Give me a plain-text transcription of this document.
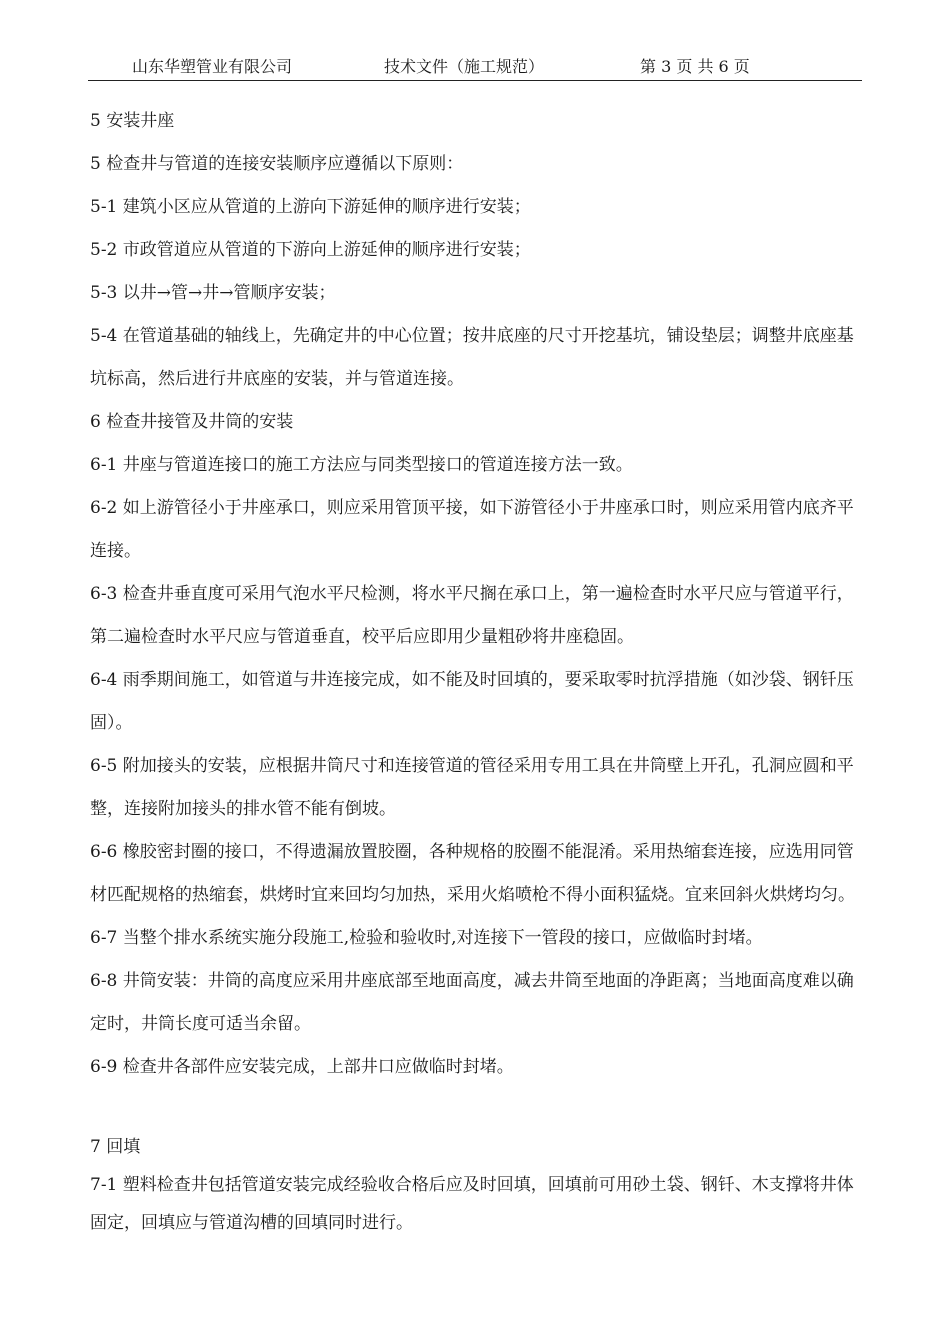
山东华塑管业有限公司	技术文件（施工规范）	第 3 页 共 6 页

5 安装井座

5 检查井与管道的连接安装顺序应遵循以下原则：

5-1 建筑小区应从管道的上游向下游延伸的顺序进行安装；

5-2 市政管道应从管道的下游向上游延伸的顺序进行安装；

5-3 以井→管→井→管顺序安装；

5-4 在管道基础的轴线上，先确定井的中心位置；按井底座的尺寸开挖基坑，铺设垫层；调整井底座基坑标高，然后进行井底座的安装，并与管道连接。

6 检查井接管及井筒的安装

6-1 井座与管道连接口的施工方法应与同类型接口的管道连接方法一致。

6-2 如上游管径小于井座承口，则应采用管顶平接，如下游管径小于井座承口时，则应采用管内底齐平连接。

6-3 检查井垂直度可采用气泡水平尺检测，将水平尺搁在承口上，第一遍检查时水平尺应与管道平行，第二遍检查时水平尺应与管道垂直，校平后应即用少量粗砂将井座稳固。

6-4 雨季期间施工，如管道与井连接完成，如不能及时回填的，要采取零时抗浮措施（如沙袋、钢钎压固）。

6-5 附加接头的安装，应根据井筒尺寸和连接管道的管径采用专用工具在井筒壁上开孔，孔洞应圆和平整，连接附加接头的排水管不能有倒坡。

6-6 橡胶密封圈的接口，不得遗漏放置胶圈，各种规格的胶圈不能混淆。采用热缩套连接，应选用同管材匹配规格的热缩套，烘烤时宜来回均匀加热，采用火焰喷枪不得小面积猛烧。宜来回斜火烘烤均匀。

6-7 当整个排水系统实施分段施工,检验和验收时,对连接下一管段的接口，应做临时封堵。

6-8 井筒安装：井筒的高度应采用井座底部至地面高度，减去井筒至地面的净距离；当地面高度难以确定时，井筒长度可适当余留。

6-9 检查井各部件应安装完成，上部井口应做临时封堵。

7 回填

7-1 塑料检查井包括管道安装完成经验收合格后应及时回填，回填前可用砂土袋、钢钎、木支撑将井体固定，回填应与管道沟槽的回填同时进行。
